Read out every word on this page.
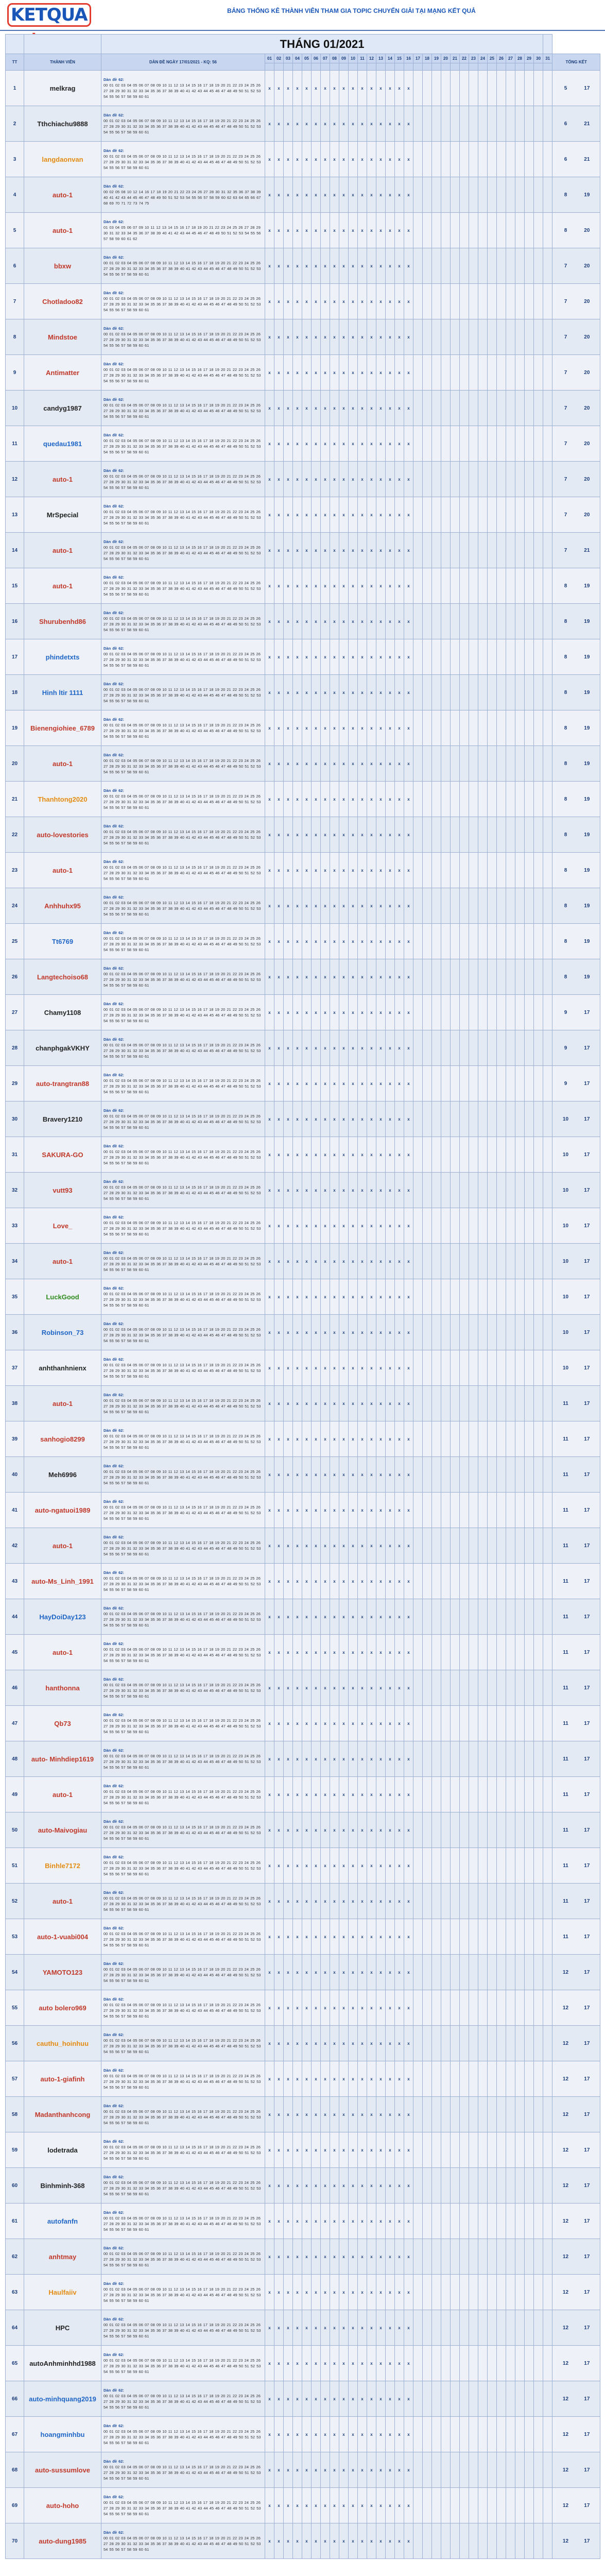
KETQUA	BẢNG THỐNG KÊ THÀNH VIÊN THAM GIA TOPIC CHUYỂN GIẢI TẠI MẠNG KẾT QUẢ
		THÁNG 01/2021																																
TT	THÀNH VIÊN	DÀN ĐỀ NGÀY 17/01/2021 - KQ: 56	01	02	03	04	05	06	07	08	09	10	11	12	13	14	15	16	17	18	19	20	21	22	23	24	25	26	27	28	29	30	31	TỔNG KẾT

1	melkrag	Dàn đề 62:
00 01 02 03 04 05 06 07 08 09 10 11 12 13 14 15 16 17 18 19 20 21 22 23 24 25 26 27 28 29 30 31 32 33 34 35 36 37 38 39 40 41 42 43 44 45 46 47 48 49 50 51 52 53 54 55 56 57 58 59 60 61	x	x	x	x	x	x	x	x	x	x	x	x	x	x	x	x																5 17
2	Tthchiachu9888	Dàn đề 62:
00 01 02 03 04 05 06 07 08 09 10 11 12 13 14 15 16 17 18 19 20 21 22 23 24 25 26 27 28 29 30 31 32 33 34 35 36 37 38 39 40 41 42 43 44 45 46 47 48 49 50 51 52 53 54 55 56 57 58 59 60 61	x	x	x	x	x	x	x	x	x	x	x	x	x	x	x	x																6 21
3	langdaonvan	Dàn đề 62:
00 01 02 03 04 05 06 07 08 09 10 11 12 13 14 15 16 17 18 19 20 21 22 23 24 25 26 27 28 29 30 31 32 33 34 35 36 37 38 39 40 41 42 43 44 45 46 47 48 49 50 51 52 53 54 55 56 57 58 59 60 61	x	x	x	x	x	x	x	x	x	x	x	x	x	x	x	x																6 21
4	auto-1	Dàn đề 62:
00 02 05 08 10 12 14 16 17 18 19 20 21 22 23 24 26 27 28 30 31 32 35 36 37 38 39 40 41 42 43 44 45 46 47 48 49 50 51 52 53 54 55 56 57 58 59 60 62 63 64 65 66 67 68 69 70 71 72 73 74 75	x	x	x	x	x	x	x	x	x	x	x	x	x	x	x	x																8 19
5	auto-1	Dàn đề 62:
01 03 04 05 06 07 09 10 11 12 13 14 15 16 17 18 19 20 21 22 23 24 25 26 27 28 29 30 31 32 33 34 35 36 37 38 39 40 41 42 43 44 45 46 47 48 49 50 51 52 53 54 55 56 57 58 59 60 61 62	x	x	x	x	x	x	x	x	x	x	x	x	x	x	x	x																8 20
6	bbxw	Dàn đề 62:
00 01 02 03 04 05 06 07 08 09 10 11 12 13 14 15 16 17 18 19 20 21 22 23 24 25 26 27 28 29 30 31 32 33 34 35 36 37 38 39 40 41 42 43 44 45 46 47 48 49 50 51 52 53 54 55 56 57 58 59 60 61	x	x	x	x	x	x	x	x	x	x	x	x	x	x	x	x																7 20
7	Chotladoo82	Dàn đề 62:
00 01 02 03 04 05 06 07 08 09 10 11 12 13 14 15 16 17 18 19 20 21 22 23 24 25 26 27 28 29 30 31 32 33 34 35 36 37 38 39 40 41 42 43 44 45 46 47 48 49 50 51 52 53 54 55 56 57 58 59 60 61	x	x	x	x	x	x	x	x	x	x	x	x	x	x	x	x																7 20
8	Mindstoe	Dàn đề 62:
00 01 02 03 04 05 06 07 08 09 10 11 12 13 14 15 16 17 18 19 20 21 22 23 24 25 26 27 28 29 30 31 32 33 34 35 36 37 38 39 40 41 42 43 44 45 46 47 48 49 50 51 52 53 54 55 56 57 58 59 60 61	x	x	x	x	x	x	x	x	x	x	x	x	x	x	x	x																7 20
9	Antimatter	Dàn đề 62:
00 01 02 03 04 05 06 07 08 09 10 11 12 13 14 15 16 17 18 19 20 21 22 23 24 25 26 27 28 29 30 31 32 33 34 35 36 37 38 39 40 41 42 43 44 45 46 47 48 49 50 51 52 53 54 55 56 57 58 59 60 61	x	x	x	x	x	x	x	x	x	x	x	x	x	x	x	x																7 20
10	candyg1987	Dàn đề 62:
00 01 02 03 04 05 06 07 08 09 10 11 12 13 14 15 16 17 18 19 20 21 22 23 24 25 26 27 28 29 30 31 32 33 34 35 36 37 38 39 40 41 42 43 44 45 46 47 48 49 50 51 52 53 54 55 56 57 58 59 60 61	x	x	x	x	x	x	x	x	x	x	x	x	x	x	x	x																7 20
11	quedau1981	Dàn đề 62:
00 01 02 03 04 05 06 07 08 09 10 11 12 13 14 15 16 17 18 19 20 21 22 23 24 25 26 27 28 29 30 31 32 33 34 35 36 37 38 39 40 41 42 43 44 45 46 47 48 49 50 51 52 53 54 55 56 57 58 59 60 61	x	x	x	x	x	x	x	x	x	x	x	x	x	x	x	x																7 20
12	auto-1	Dàn đề 62:
00 01 02 03 04 05 06 07 08 09 10 11 12 13 14 15 16 17 18 19 20 21 22 23 24 25 26 27 28 29 30 31 32 33 34 35 36 37 38 39 40 41 42 43 44 45 46 47 48 49 50 51 52 53 54 55 56 57 58 59 60 61	x	x	x	x	x	x	x	x	x	x	x	x	x	x	x	x																7 20
13	MrSpecial	Dàn đề 62:
00 01 02 03 04 05 06 07 08 09 10 11 12 13 14 15 16 17 18 19 20 21 22 23 24 25 26 27 28 29 30 31 32 33 34 35 36 37 38 39 40 41 42 43 44 45 46 47 48 49 50 51 52 53 54 55 56 57 58 59 60 61	x	x	x	x	x	x	x	x	x	x	x	x	x	x	x	x																7 20
14	auto-1	Dàn đề 62:
00 01 02 03 04 05 06 07 08 09 10 11 12 13 14 15 16 17 18 19 20 21 22 23 24 25 26 27 28 29 30 31 32 33 34 35 36 37 38 39 40 41 42 43 44 45 46 47 48 49 50 51 52 53 54 55 56 57 58 59 60 61	x	x	x	x	x	x	x	x	x	x	x	x	x	x	x	x																7 21
15	auto-1	Dàn đề 62:
00 01 02 03 04 05 06 07 08 09 10 11 12 13 14 15 16 17 18 19 20 21 22 23 24 25 26 27 28 29 30 31 32 33 34 35 36 37 38 39 40 41 42 43 44 45 46 47 48 49 50 51 52 53 54 55 56 57 58 59 60 61	x	x	x	x	x	x	x	x	x	x	x	x	x	x	x	x																8 19
16	Shurubenhd86	Dàn đề 62:
00 01 02 03 04 05 06 07 08 09 10 11 12 13 14 15 16 17 18 19 20 21 22 23 24 25 26 27 28 29 30 31 32 33 34 35 36 37 38 39 40 41 42 43 44 45 46 47 48 49 50 51 52 53 54 55 56 57 58 59 60 61	x	x	x	x	x	x	x	x	x	x	x	x	x	x	x	x																8 19
17	phindetxts	Dàn đề 62:
00 01 02 03 04 05 06 07 08 09 10 11 12 13 14 15 16 17 18 19 20 21 22 23 24 25 26 27 28 29 30 31 32 33 34 35 36 37 38 39 40 41 42 43 44 45 46 47 48 49 50 51 52 53 54 55 56 57 58 59 60 61	x	x	x	x	x	x	x	x	x	x	x	x	x	x	x	x																8 19
18	Hinh ltir 1111	Dàn đề 62:
00 01 02 03 04 05 06 07 08 09 10 11 12 13 14 15 16 17 18 19 20 21 22 23 24 25 26 27 28 29 30 31 32 33 34 35 36 37 38 39 40 41 42 43 44 45 46 47 48 49 50 51 52 53 54 55 56 57 58 59 60 61	x	x	x	x	x	x	x	x	x	x	x	x	x	x	x	x																8 19
19	Bienengiohiee_6789	Dàn đề 62:
00 01 02 03 04 05 06 07 08 09 10 11 12 13 14 15 16 17 18 19 20 21 22 23 24 25 26 27 28 29 30 31 32 33 34 35 36 37 38 39 40 41 42 43 44 45 46 47 48 49 50 51 52 53 54 55 56 57 58 59 60 61	x	x	x	x	x	x	x	x	x	x	x	x	x	x	x	x																8 19
20	auto-1	Dàn đề 62:
00 01 02 03 04 05 06 07 08 09 10 11 12 13 14 15 16 17 18 19 20 21 22 23 24 25 26 27 28 29 30 31 32 33 34 35 36 37 38 39 40 41 42 43 44 45 46 47 48 49 50 51 52 53 54 55 56 57 58 59 60 61	x	x	x	x	x	x	x	x	x	x	x	x	x	x	x	x																8 19
21	Thanhtong2020	Dàn đề 62:
00 01 02 03 04 05 06 07 08 09 10 11 12 13 14 15 16 17 18 19 20 21 22 23 24 25 26 27 28 29 30 31 32 33 34 35 36 37 38 39 40 41 42 43 44 45 46 47 48 49 50 51 52 53 54 55 56 57 58 59 60 61	x	x	x	x	x	x	x	x	x	x	x	x	x	x	x	x																8 19
22	auto-lovestories	Dàn đề 62:
00 01 02 03 04 05 06 07 08 09 10 11 12 13 14 15 16 17 18 19 20 21 22 23 24 25 26 27 28 29 30 31 32 33 34 35 36 37 38 39 40 41 42 43 44 45 46 47 48 49 50 51 52 53 54 55 56 57 58 59 60 61	x	x	x	x	x	x	x	x	x	x	x	x	x	x	x	x																8 19
23	auto-1	Dàn đề 62:
00 01 02 03 04 05 06 07 08 09 10 11 12 13 14 15 16 17 18 19 20 21 22 23 24 25 26 27 28 29 30 31 32 33 34 35 36 37 38 39 40 41 42 43 44 45 46 47 48 49 50 51 52 53 54 55 56 57 58 59 60 61	x	x	x	x	x	x	x	x	x	x	x	x	x	x	x	x																8 19
24	Anhhuhx95	Dàn đề 62:
00 01 02 03 04 05 06 07 08 09 10 11 12 13 14 15 16 17 18 19 20 21 22 23 24 25 26 27 28 29 30 31 32 33 34 35 36 37 38 39 40 41 42 43 44 45 46 47 48 49 50 51 52 53 54 55 56 57 58 59 60 61	x	x	x	x	x	x	x	x	x	x	x	x	x	x	x	x																8 19
25	Tt6769	Dàn đề 62:
00 01 02 03 04 05 06 07 08 09 10 11 12 13 14 15 16 17 18 19 20 21 22 23 24 25 26 27 28 29 30 31 32 33 34 35 36 37 38 39 40 41 42 43 44 45 46 47 48 49 50 51 52 53 54 55 56 57 58 59 60 61	x	x	x	x	x	x	x	x	x	x	x	x	x	x	x	x																8 19
26	Langtechoiso68	Dàn đề 62:
00 01 02 03 04 05 06 07 08 09 10 11 12 13 14 15 16 17 18 19 20 21 22 23 24 25 26 27 28 29 30 31 32 33 34 35 36 37 38 39 40 41 42 43 44 45 46 47 48 49 50 51 52 53 54 55 56 57 58 59 60 61	x	x	x	x	x	x	x	x	x	x	x	x	x	x	x	x																8 19
27	Chamy1108	Dàn đề 62:
00 01 02 03 04 05 06 07 08 09 10 11 12 13 14 15 16 17 18 19 20 21 22 23 24 25 26 27 28 29 30 31 32 33 34 35 36 37 38 39 40 41 42 43 44 45 46 47 48 49 50 51 52 53 54 55 56 57 58 59 60 61	x	x	x	x	x	x	x	x	x	x	x	x	x	x	x	x																9 17
28	chanphgakVKHY	Dàn đề 62:
00 01 02 03 04 05 06 07 08 09 10 11 12 13 14 15 16 17 18 19 20 21 22 23 24 25 26 27 28 29 30 31 32 33 34 35 36 37 38 39 40 41 42 43 44 45 46 47 48 49 50 51 52 53 54 55 56 57 58 59 60 61	x	x	x	x	x	x	x	x	x	x	x	x	x	x	x	x																9 17
29	auto-trangtran88	Dàn đề 62:
00 01 02 03 04 05 06 07 08 09 10 11 12 13 14 15 16 17 18 19 20 21 22 23 24 25 26 27 28 29 30 31 32 33 34 35 36 37 38 39 40 41 42 43 44 45 46 47 48 49 50 51 52 53 54 55 56 57 58 59 60 61	x	x	x	x	x	x	x	x	x	x	x	x	x	x	x	x																9 17
30	Bravery1210	Dàn đề 62:
00 01 02 03 04 05 06 07 08 09 10 11 12 13 14 15 16 17 18 19 20 21 22 23 24 25 26 27 28 29 30 31 32 33 34 35 36 37 38 39 40 41 42 43 44 45 46 47 48 49 50 51 52 53 54 55 56 57 58 59 60 61	x	x	x	x	x	x	x	x	x	x	x	x	x	x	x	x																10 17
31	SAKURA-GO	Dàn đề 62:
00 01 02 03 04 05 06 07 08 09 10 11 12 13 14 15 16 17 18 19 20 21 22 23 24 25 26 27 28 29 30 31 32 33 34 35 36 37 38 39 40 41 42 43 44 45 46 47 48 49 50 51 52 53 54 55 56 57 58 59 60 61	x	x	x	x	x	x	x	x	x	x	x	x	x	x	x	x																10 17
32	vutt93	Dàn đề 62:
00 01 02 03 04 05 06 07 08 09 10 11 12 13 14 15 16 17 18 19 20 21 22 23 24 25 26 27 28 29 30 31 32 33 34 35 36 37 38 39 40 41 42 43 44 45 46 47 48 49 50 51 52 53 54 55 56 57 58 59 60 61	x	x	x	x	x	x	x	x	x	x	x	x	x	x	x	x																10 17
33	Love_	Dàn đề 62:
00 01 02 03 04 05 06 07 08 09 10 11 12 13 14 15 16 17 18 19 20 21 22 23 24 25 26 27 28 29 30 31 32 33 34 35 36 37 38 39 40 41 42 43 44 45 46 47 48 49 50 51 52 53 54 55 56 57 58 59 60 61	x	x	x	x	x	x	x	x	x	x	x	x	x	x	x	x																10 17
34	auto-1	Dàn đề 62:
00 01 02 03 04 05 06 07 08 09 10 11 12 13 14 15 16 17 18 19 20 21 22 23 24 25 26 27 28 29 30 31 32 33 34 35 36 37 38 39 40 41 42 43 44 45 46 47 48 49 50 51 52 53 54 55 56 57 58 59 60 61	x	x	x	x	x	x	x	x	x	x	x	x	x	x	x	x																10 17
35	LuckGood	Dàn đề 62:
00 01 02 03 04 05 06 07 08 09 10 11 12 13 14 15 16 17 18 19 20 21 22 23 24 25 26 27 28 29 30 31 32 33 34 35 36 37 38 39 40 41 42 43 44 45 46 47 48 49 50 51 52 53 54 55 56 57 58 59 60 61	x	x	x	x	x	x	x	x	x	x	x	x	x	x	x	x																10 17
36	Robinson_73	Dàn đề 62:
00 01 02 03 04 05 06 07 08 09 10 11 12 13 14 15 16 17 18 19 20 21 22 23 24 25 26 27 28 29 30 31 32 33 34 35 36 37 38 39 40 41 42 43 44 45 46 47 48 49 50 51 52 53 54 55 56 57 58 59 60 61	x	x	x	x	x	x	x	x	x	x	x	x	x	x	x	x																10 17
37	anhthanhnienx	Dàn đề 62:
00 01 02 03 04 05 06 07 08 09 10 11 12 13 14 15 16 17 18 19 20 21 22 23 24 25 26 27 28 29 30 31 32 33 34 35 36 37 38 39 40 41 42 43 44 45 46 47 48 49 50 51 52 53 54 55 56 57 58 59 60 61	x	x	x	x	x	x	x	x	x	x	x	x	x	x	x	x																10 17
38	auto-1	Dàn đề 62:
00 01 02 03 04 05 06 07 08 09 10 11 12 13 14 15 16 17 18 19 20 21 22 23 24 25 26 27 28 29 30 31 32 33 34 35 36 37 38 39 40 41 42 43 44 45 46 47 48 49 50 51 52 53 54 55 56 57 58 59 60 61	x	x	x	x	x	x	x	x	x	x	x	x	x	x	x	x																11 17
39	sanhogio8299	Dàn đề 62:
00 01 02 03 04 05 06 07 08 09 10 11 12 13 14 15 16 17 18 19 20 21 22 23 24 25 26 27 28 29 30 31 32 33 34 35 36 37 38 39 40 41 42 43 44 45 46 47 48 49 50 51 52 53 54 55 56 57 58 59 60 61	x	x	x	x	x	x	x	x	x	x	x	x	x	x	x	x																11 17
40	Meh6996	Dàn đề 62:
00 01 02 03 04 05 06 07 08 09 10 11 12 13 14 15 16 17 18 19 20 21 22 23 24 25 26 27 28 29 30 31 32 33 34 35 36 37 38 39 40 41 42 43 44 45 46 47 48 49 50 51 52 53 54 55 56 57 58 59 60 61	x	x	x	x	x	x	x	x	x	x	x	x	x	x	x	x																11 17
41	auto-ngatuoi1989	Dàn đề 62:
00 01 02 03 04 05 06 07 08 09 10 11 12 13 14 15 16 17 18 19 20 21 22 23 24 25 26 27 28 29 30 31 32 33 34 35 36 37 38 39 40 41 42 43 44 45 46 47 48 49 50 51 52 53 54 55 56 57 58 59 60 61	x	x	x	x	x	x	x	x	x	x	x	x	x	x	x	x																11 17
42	auto-1	Dàn đề 62:
00 01 02 03 04 05 06 07 08 09 10 11 12 13 14 15 16 17 18 19 20 21 22 23 24 25 26 27 28 29 30 31 32 33 34 35 36 37 38 39 40 41 42 43 44 45 46 47 48 49 50 51 52 53 54 55 56 57 58 59 60 61	x	x	x	x	x	x	x	x	x	x	x	x	x	x	x	x																11 17
43	auto-Ms_Linh_1991	Dàn đề 62:
00 01 02 03 04 05 06 07 08 09 10 11 12 13 14 15 16 17 18 19 20 21 22 23 24 25 26 27 28 29 30 31 32 33 34 35 36 37 38 39 40 41 42 43 44 45 46 47 48 49 50 51 52 53 54 55 56 57 58 59 60 61	x	x	x	x	x	x	x	x	x	x	x	x	x	x	x	x																11 17
44	HayDoiDay123	Dàn đề 62:
00 01 02 03 04 05 06 07 08 09 10 11 12 13 14 15 16 17 18 19 20 21 22 23 24 25 26 27 28 29 30 31 32 33 34 35 36 37 38 39 40 41 42 43 44 45 46 47 48 49 50 51 52 53 54 55 56 57 58 59 60 61	x	x	x	x	x	x	x	x	x	x	x	x	x	x	x	x																11 17
45	auto-1	Dàn đề 62:
00 01 02 03 04 05 06 07 08 09 10 11 12 13 14 15 16 17 18 19 20 21 22 23 24 25 26 27 28 29 30 31 32 33 34 35 36 37 38 39 40 41 42 43 44 45 46 47 48 49 50 51 52 53 54 55 56 57 58 59 60 61	x	x	x	x	x	x	x	x	x	x	x	x	x	x	x	x																11 17
46	hanthonna	Dàn đề 62:
00 01 02 03 04 05 06 07 08 09 10 11 12 13 14 15 16 17 18 19 20 21 22 23 24 25 26 27 28 29 30 31 32 33 34 35 36 37 38 39 40 41 42 43 44 45 46 47 48 49 50 51 52 53 54 55 56 57 58 59 60 61	x	x	x	x	x	x	x	x	x	x	x	x	x	x	x	x																11 17
47	Qb73	Dàn đề 62:
00 01 02 03 04 05 06 07 08 09 10 11 12 13 14 15 16 17 18 19 20 21 22 23 24 25 26 27 28 29 30 31 32 33 34 35 36 37 38 39 40 41 42 43 44 45 46 47 48 49 50 51 52 53 54 55 56 57 58 59 60 61	x	x	x	x	x	x	x	x	x	x	x	x	x	x	x	x																11 17
48	auto- Minhdiep1619	Dàn đề 62:
00 01 02 03 04 05 06 07 08 09 10 11 12 13 14 15 16 17 18 19 20 21 22 23 24 25 26 27 28 29 30 31 32 33 34 35 36 37 38 39 40 41 42 43 44 45 46 47 48 49 50 51 52 53 54 55 56 57 58 59 60 61	x	x	x	x	x	x	x	x	x	x	x	x	x	x	x	x																11 17
49	auto-1	Dàn đề 62:
00 01 02 03 04 05 06 07 08 09 10 11 12 13 14 15 16 17 18 19 20 21 22 23 24 25 26 27 28 29 30 31 32 33 34 35 36 37 38 39 40 41 42 43 44 45 46 47 48 49 50 51 52 53 54 55 56 57 58 59 60 61	x	x	x	x	x	x	x	x	x	x	x	x	x	x	x	x																11 17
50	auto-Maivogiau	Dàn đề 62:
00 01 02 03 04 05 06 07 08 09 10 11 12 13 14 15 16 17 18 19 20 21 22 23 24 25 26 27 28 29 30 31 32 33 34 35 36 37 38 39 40 41 42 43 44 45 46 47 48 49 50 51 52 53 54 55 56 57 58 59 60 61	x	x	x	x	x	x	x	x	x	x	x	x	x	x	x	x																11 17
51	Binhle7172	Dàn đề 62:
00 01 02 03 04 05 06 07 08 09 10 11 12 13 14 15 16 17 18 19 20 21 22 23 24 25 26 27 28 29 30 31 32 33 34 35 36 37 38 39 40 41 42 43 44 45 46 47 48 49 50 51 52 53 54 55 56 57 58 59 60 61	x	x	x	x	x	x	x	x	x	x	x	x	x	x	x	x																11 17
52	auto-1	Dàn đề 62:
00 01 02 03 04 05 06 07 08 09 10 11 12 13 14 15 16 17 18 19 20 21 22 23 24 25 26 27 28 29 30 31 32 33 34 35 36 37 38 39 40 41 42 43 44 45 46 47 48 49 50 51 52 53 54 55 56 57 58 59 60 61	x	x	x	x	x	x	x	x	x	x	x	x	x	x	x	x																11 17
53	auto-1-vuabi004	Dàn đề 62:
00 01 02 03 04 05 06 07 08 09 10 11 12 13 14 15 16 17 18 19 20 21 22 23 24 25 26 27 28 29 30 31 32 33 34 35 36 37 38 39 40 41 42 43 44 45 46 47 48 49 50 51 52 53 54 55 56 57 58 59 60 61	x	x	x	x	x	x	x	x	x	x	x	x	x	x	x	x																11 17
54	YAMOTO123	Dàn đề 62:
00 01 02 03 04 05 06 07 08 09 10 11 12 13 14 15 16 17 18 19 20 21 22 23 24 25 26 27 28 29 30 31 32 33 34 35 36 37 38 39 40 41 42 43 44 45 46 47 48 49 50 51 52 53 54 55 56 57 58 59 60 61	x	x	x	x	x	x	x	x	x	x	x	x	x	x	x	x																12 17
55	auto bolero969	Dàn đề 62:
00 01 02 03 04 05 06 07 08 09 10 11 12 13 14 15 16 17 18 19 20 21 22 23 24 25 26 27 28 29 30 31 32 33 34 35 36 37 38 39 40 41 42 43 44 45 46 47 48 49 50 51 52 53 54 55 56 57 58 59 60 61	x	x	x	x	x	x	x	x	x	x	x	x	x	x	x	x																12 17
56	cauthu_hoinhuu	Dàn đề 62:
00 01 02 03 04 05 06 07 08 09 10 11 12 13 14 15 16 17 18 19 20 21 22 23 24 25 26 27 28 29 30 31 32 33 34 35 36 37 38 39 40 41 42 43 44 45 46 47 48 49 50 51 52 53 54 55 56 57 58 59 60 61	x	x	x	x	x	x	x	x	x	x	x	x	x	x	x	x																12 17
57	auto-1-giafinh	Dàn đề 62:
00 01 02 03 04 05 06 07 08 09 10 11 12 13 14 15 16 17 18 19 20 21 22 23 24 25 26 27 28 29 30 31 32 33 34 35 36 37 38 39 40 41 42 43 44 45 46 47 48 49 50 51 52 53 54 55 56 57 58 59 60 61	x	x	x	x	x	x	x	x	x	x	x	x	x	x	x	x																12 17
58	Madanthanhcong	Dàn đề 62:
00 01 02 03 04 05 06 07 08 09 10 11 12 13 14 15 16 17 18 19 20 21 22 23 24 25 26 27 28 29 30 31 32 33 34 35 36 37 38 39 40 41 42 43 44 45 46 47 48 49 50 51 52 53 54 55 56 57 58 59 60 61	x	x	x	x	x	x	x	x	x	x	x	x	x	x	x	x																12 17
59	lodetrada	Dàn đề 62:
00 01 02 03 04 05 06 07 08 09 10 11 12 13 14 15 16 17 18 19 20 21 22 23 24 25 26 27 28 29 30 31 32 33 34 35 36 37 38 39 40 41 42 43 44 45 46 47 48 49 50 51 52 53 54 55 56 57 58 59 60 61	x	x	x	x	x	x	x	x	x	x	x	x	x	x	x	x																12 17
60	Binhminh-368	Dàn đề 62:
00 01 02 03 04 05 06 07 08 09 10 11 12 13 14 15 16 17 18 19 20 21 22 23 24 25 26 27 28 29 30 31 32 33 34 35 36 37 38 39 40 41 42 43 44 45 46 47 48 49 50 51 52 53 54 55 56 57 58 59 60 61	x	x	x	x	x	x	x	x	x	x	x	x	x	x	x	x																12 17
61	autofanfn	Dàn đề 62:
00 01 02 03 04 05 06 07 08 09 10 11 12 13 14 15 16 17 18 19 20 21 22 23 24 25 26 27 28 29 30 31 32 33 34 35 36 37 38 39 40 41 42 43 44 45 46 47 48 49 50 51 52 53 54 55 56 57 58 59 60 61	x	x	x	x	x	x	x	x	x	x	x	x	x	x	x	x																12 17
62	anhtmay	Dàn đề 62:
00 01 02 03 04 05 06 07 08 09 10 11 12 13 14 15 16 17 18 19 20 21 22 23 24 25 26 27 28 29 30 31 32 33 34 35 36 37 38 39 40 41 42 43 44 45 46 47 48 49 50 51 52 53 54 55 56 57 58 59 60 61	x	x	x	x	x	x	x	x	x	x	x	x	x	x	x	x																12 17
63	Haulfaiiv	Dàn đề 62:
00 01 02 03 04 05 06 07 08 09 10 11 12 13 14 15 16 17 18 19 20 21 22 23 24 25 26 27 28 29 30 31 32 33 34 35 36 37 38 39 40 41 42 43 44 45 46 47 48 49 50 51 52 53 54 55 56 57 58 59 60 61	x	x	x	x	x	x	x	x	x	x	x	x	x	x	x	x																12 17
64	HPC	Dàn đề 62:
00 01 02 03 04 05 06 07 08 09 10 11 12 13 14 15 16 17 18 19 20 21 22 23 24 25 26 27 28 29 30 31 32 33 34 35 36 37 38 39 40 41 42 43 44 45 46 47 48 49 50 51 52 53 54 55 56 57 58 59 60 61	x	x	x	x	x	x	x	x	x	x	x	x	x	x	x	x																12 17
65	autoAnhminhhd1988	Dàn đề 62:
00 01 02 03 04 05 06 07 08 09 10 11 12 13 14 15 16 17 18 19 20 21 22 23 24 25 26 27 28 29 30 31 32 33 34 35 36 37 38 39 40 41 42 43 44 45 46 47 48 49 50 51 52 53 54 55 56 57 58 59 60 61	x	x	x	x	x	x	x	x	x	x	x	x	x	x	x	x																12 17
66	auto-minhquang2019	Dàn đề 62:
00 01 02 03 04 05 06 07 08 09 10 11 12 13 14 15 16 17 18 19 20 21 22 23 24 25 26 27 28 29 30 31 32 33 34 35 36 37 38 39 40 41 42 43 44 45 46 47 48 49 50 51 52 53 54 55 56 57 58 59 60 61	x	x	x	x	x	x	x	x	x	x	x	x	x	x	x	x																12 17
67	hoangminhbu	Dàn đề 62:
00 01 02 03 04 05 06 07 08 09 10 11 12 13 14 15 16 17 18 19 20 21 22 23 24 25 26 27 28 29 30 31 32 33 34 35 36 37 38 39 40 41 42 43 44 45 46 47 48 49 50 51 52 53 54 55 56 57 58 59 60 61	x	x	x	x	x	x	x	x	x	x	x	x	x	x	x	x																12 17
68	auto-sussumlove	Dàn đề 62:
00 01 02 03 04 05 06 07 08 09 10 11 12 13 14 15 16 17 18 19 20 21 22 23 24 25 26 27 28 29 30 31 32 33 34 35 36 37 38 39 40 41 42 43 44 45 46 47 48 49 50 51 52 53 54 55 56 57 58 59 60 61	x	x	x	x	x	x	x	x	x	x	x	x	x	x	x	x																12 17
69	auto-hoho	Dàn đề 62:
00 01 02 03 04 05 06 07 08 09 10 11 12 13 14 15 16 17 18 19 20 21 22 23 24 25 26 27 28 29 30 31 32 33 34 35 36 37 38 39 40 41 42 43 44 45 46 47 48 49 50 51 52 53 54 55 56 57 58 59 60 61	x	x	x	x	x	x	x	x	x	x	x	x	x	x	x	x																12 17
70	auto-dung1985	Dàn đề 62:
00 01 02 03 04 05 06 07 08 09 10 11 12 13 14 15 16 17 18 19 20 21 22 23 24 25 26 27 28 29 30 31 32 33 34 35 36 37 38 39 40 41 42 43 44 45 46 47 48 49 50 51 52 53 54 55 56 57 58 59 60 61	x	x	x	x	x	x	x	x	x	x	x	x	x	x	x	x																12 17
